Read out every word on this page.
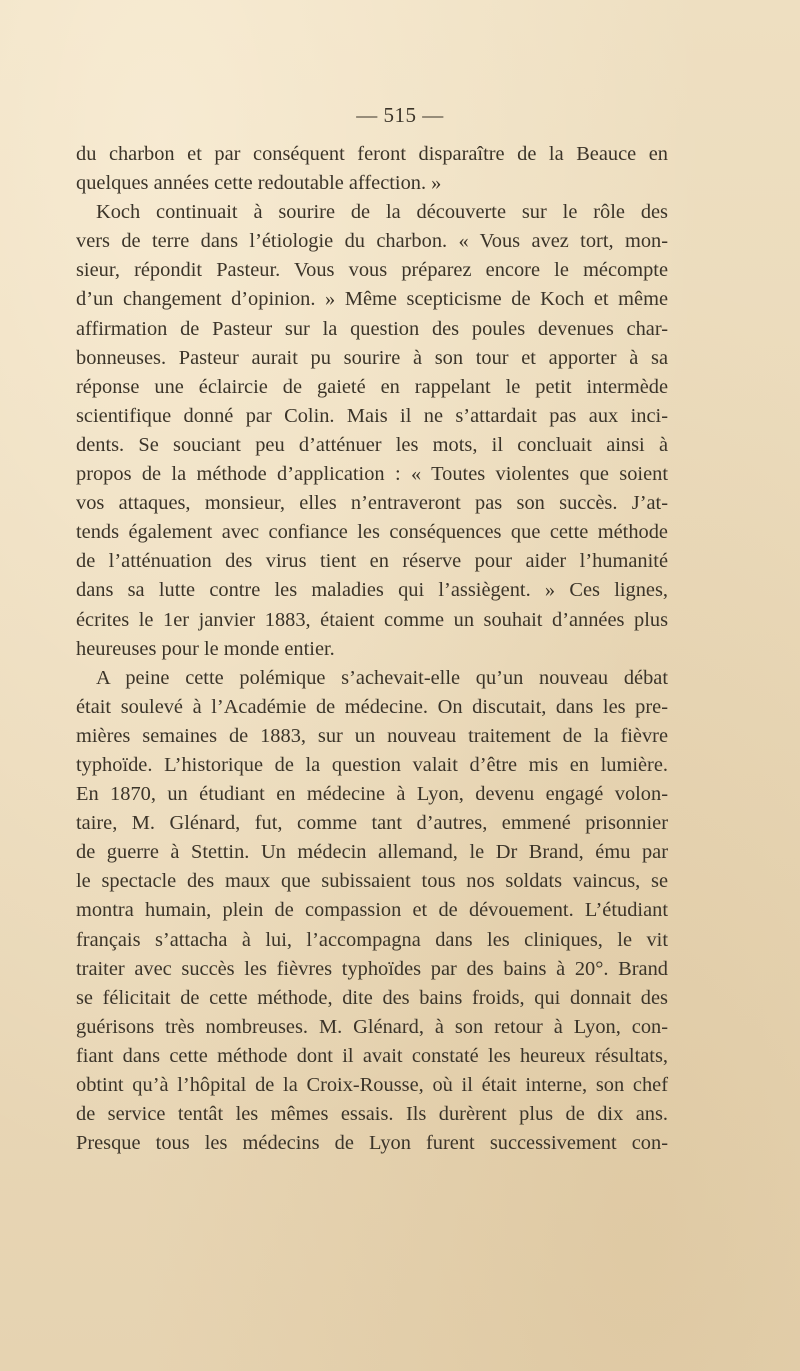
— 515 —
du charbon et par conséquent feront disparaître de la Beauce en
quelques années cette redoutable affection. »
Koch continuait à sourire de la découverte sur le rôle des
vers de terre dans l’étiologie du charbon. « Vous avez tort, mon-
sieur, répondit Pasteur. Vous vous préparez encore le mécompte
d’un changement d’opinion. » Même scepticisme de Koch et même
affirmation de Pasteur sur la question des poules devenues char-
bonneuses. Pasteur aurait pu sourire à son tour et apporter à sa
réponse une éclaircie de gaieté en rappelant le petit intermède
scientifique donné par Colin. Mais il ne s’attardait pas aux inci-
dents. Se souciant peu d’atténuer les mots, il concluait ainsi à
propos de la méthode d’application : « Toutes violentes que soient
vos attaques, monsieur, elles n’entraveront pas son succès. J’at-
tends également avec confiance les conséquences que cette méthode
de l’atténuation des virus tient en réserve pour aider l’humanité
dans sa lutte contre les maladies qui l’assiègent. » Ces lignes,
écrites le 1er janvier 1883, étaient comme un souhait d’années plus
heureuses pour le monde entier.
A peine cette polémique s’achevait-elle qu’un nouveau débat
était soulevé à l’Académie de médecine. On discutait, dans les pre-
mières semaines de 1883, sur un nouveau traitement de la fièvre
typhoïde. L’historique de la question valait d’être mis en lumière.
En 1870, un étudiant en médecine à Lyon, devenu engagé volon-
taire, M. Glénard, fut, comme tant d’autres, emmené prisonnier
de guerre à Stettin. Un médecin allemand, le Dr Brand, ému par
le spectacle des maux que subissaient tous nos soldats vaincus, se
montra humain, plein de compassion et de dévouement. L’étudiant
français s’attacha à lui, l’accompagna dans les cliniques, le vit
traiter avec succès les fièvres typhoïdes par des bains à 20°. Brand
se félicitait de cette méthode, dite des bains froids, qui donnait des
guérisons très nombreuses. M. Glénard, à son retour à Lyon, con-
fiant dans cette méthode dont il avait constaté les heureux résultats,
obtint qu’à l’hôpital de la Croix-Rousse, où il était interne, son chef
de service tentât les mêmes essais. Ils durèrent plus de dix ans.
Presque tous les médecins de Lyon furent successivement con-
